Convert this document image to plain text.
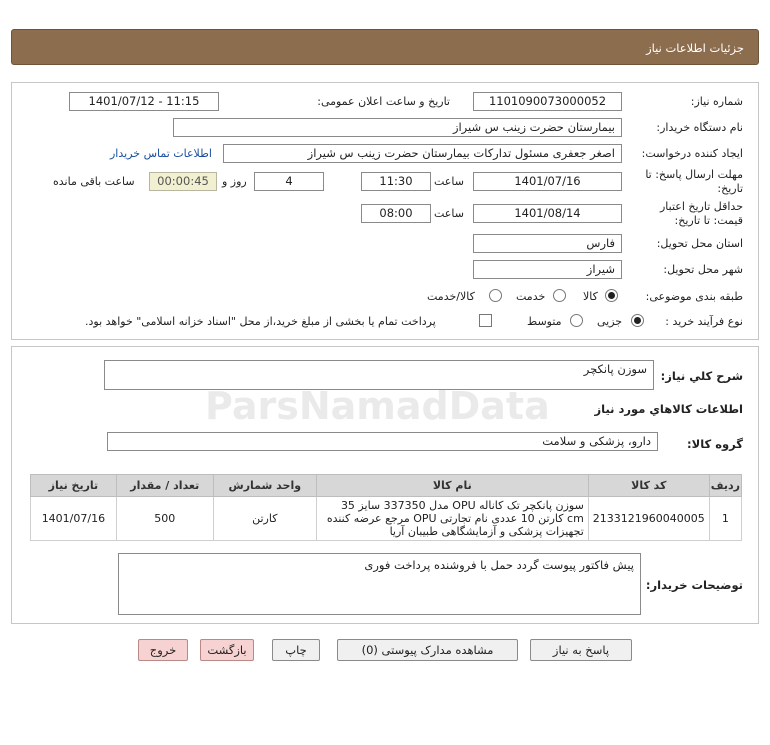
جزئیات اطلاعات نیاز
شماره نیاز:
1101090073000052
تاریخ و ساعت اعلان عمومی:
1401/07/12 - 11:15
نام دستگاه خریدار:
بیمارستان حضرت زینب س شیراز
ایجاد کننده درخواست:
اصغر جعفری مسئول تدارکات بیمارستان حضرت زینب س شیراز
اطلاعات تماس خریدار
مهلت ارسال پاسخ: تا
تاریخ:
1401/07/16
ساعت
11:30
4
روز و
00:00:45
ساعت باقی مانده
حداقل تاریخ اعتبار
قیمت: تا تاریخ:
1401/08/14
ساعت
08:00
استان محل تحویل:
فارس
شهر محل تحویل:
شیراز
طبقه بندی موضوعی:
کالا
خدمت
کالا/خدمت
نوع فرآیند خرید :
جزیی
متوسط
پرداخت تمام یا بخشی از مبلغ خرید،از محل "اسناد خزانه اسلامی" خواهد بود.
ردیف	کد کالا	نام کالا	واحد شمارش	تعداد / مقدار	تاریخ نیاز
1	2133121960040005	سوزن پانکچر تک کاناله OPU مدل 337350 سایز 35 cm کارتن 10 عددی نام تجارتی OPU مرجع عرضه کننده تجهیزات پزشکی و آزمایشگاهی طبیبان آریا	کارتن	500	1401/07/16
شرح کلي نياز:
سوزن پانکچر
اطلاعات کالاهاي مورد نياز
گروه کالا:
دارو، پزشکی و سلامت
توضیحات خریدار:
پیش فاکتور پیوست گردد حمل با فروشنده پرداخت فوری
پاسخ به نیاز
مشاهده مدارک پیوستی (0)
چاپ
بازگشت
خروج
